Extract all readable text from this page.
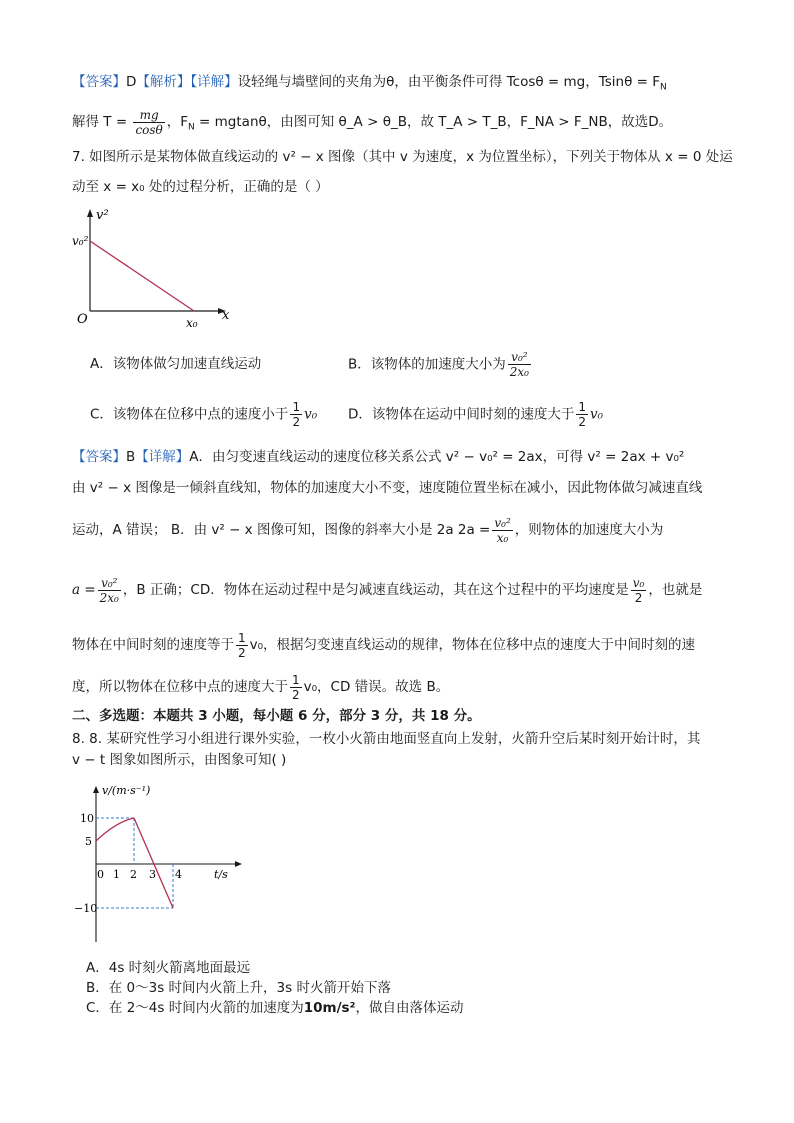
【答案】D【解析】【详解】设轻绳与墙壁间的夹角为θ，由平衡条件可得 Tcosθ = mg，$Tsin\theta = F_N$
解得 $T = \frac{mg}{\cos\theta}$ ，$F_N = mgtan\theta$，由图可知 θ_A > θ_B，故 T_A > T_B，F_NA > F_NB，故选D。
7. 如图所示是某物体做直线运动的 v² − x 图像（其中 v 为速度，x 为位置坐标），下列关于物体从 x = 0 处运
动至 x = x₀ 处的过程分析，正确的是（ ）
v²
v₀²
O	x₀ x
A．该物体做匀加速直线运动	B．该物体的加速度大小为 $\frac{\text{v₀²}}{\text{2x₀}}$
C．该物体在位移中点的速度小于 $\frac{1}{2} v_0$ D．该物体在运动中间时刻的速度大于 $\frac{1}{2} v_0$
【答案】B【详解】A．由匀变速直线运动的速度位移关系公式 v² − v₀² = 2ax，可得 v² = 2ax + v₀²
由 v² − x 图像是一倾斜直线知，物体的加速度大小不变，速度随位置坐标在减小，因此物体做匀减速直线
运动，A 错误； B．由 v² − x 图像可知，图像的斜率大小是 2a $2a = \frac{\text{v₀²}}{\text{x₀}}$ ，则物体的加速度大小为
$a = \frac{\text{v₀²}}{\text{2x₀}}$ ，B 正确；CD．物体在运动过程中是匀减速直线运动，其在这个过程中的平均速度是 $\frac{\text{v₀}}{2}$ ，也就是
物体在中间时刻的速度等于 $\frac{1}{2} v_0$，根据匀变速直线运动的规律，物体在位移中点的速度大于中间时刻的速
度，所以物体在位移中点的速度大于 $\frac{1}{2} v_0$，CD 错误。故选 B。
二、多选题：本题共 3 小题，每小题 6 分，部分 3 分，共 18 分。
8. 8. 某研究性学习小组进行课外实验，一枚小火箭由地面竖直向上发射，火箭升空后某时刻开始计时，其
v − t 图象如图所示，由图象可知( )
v/(m·s⁻¹)
t/s
10
5
−10
0 1 2 3 4
A．4s 时刻火箭离地面最远
B．在 0～3s 时间内火箭上升，3s 时火箭开始下落
C．在 2～4s 时间内火箭的加速度为10m/s²，做自由落体运动
